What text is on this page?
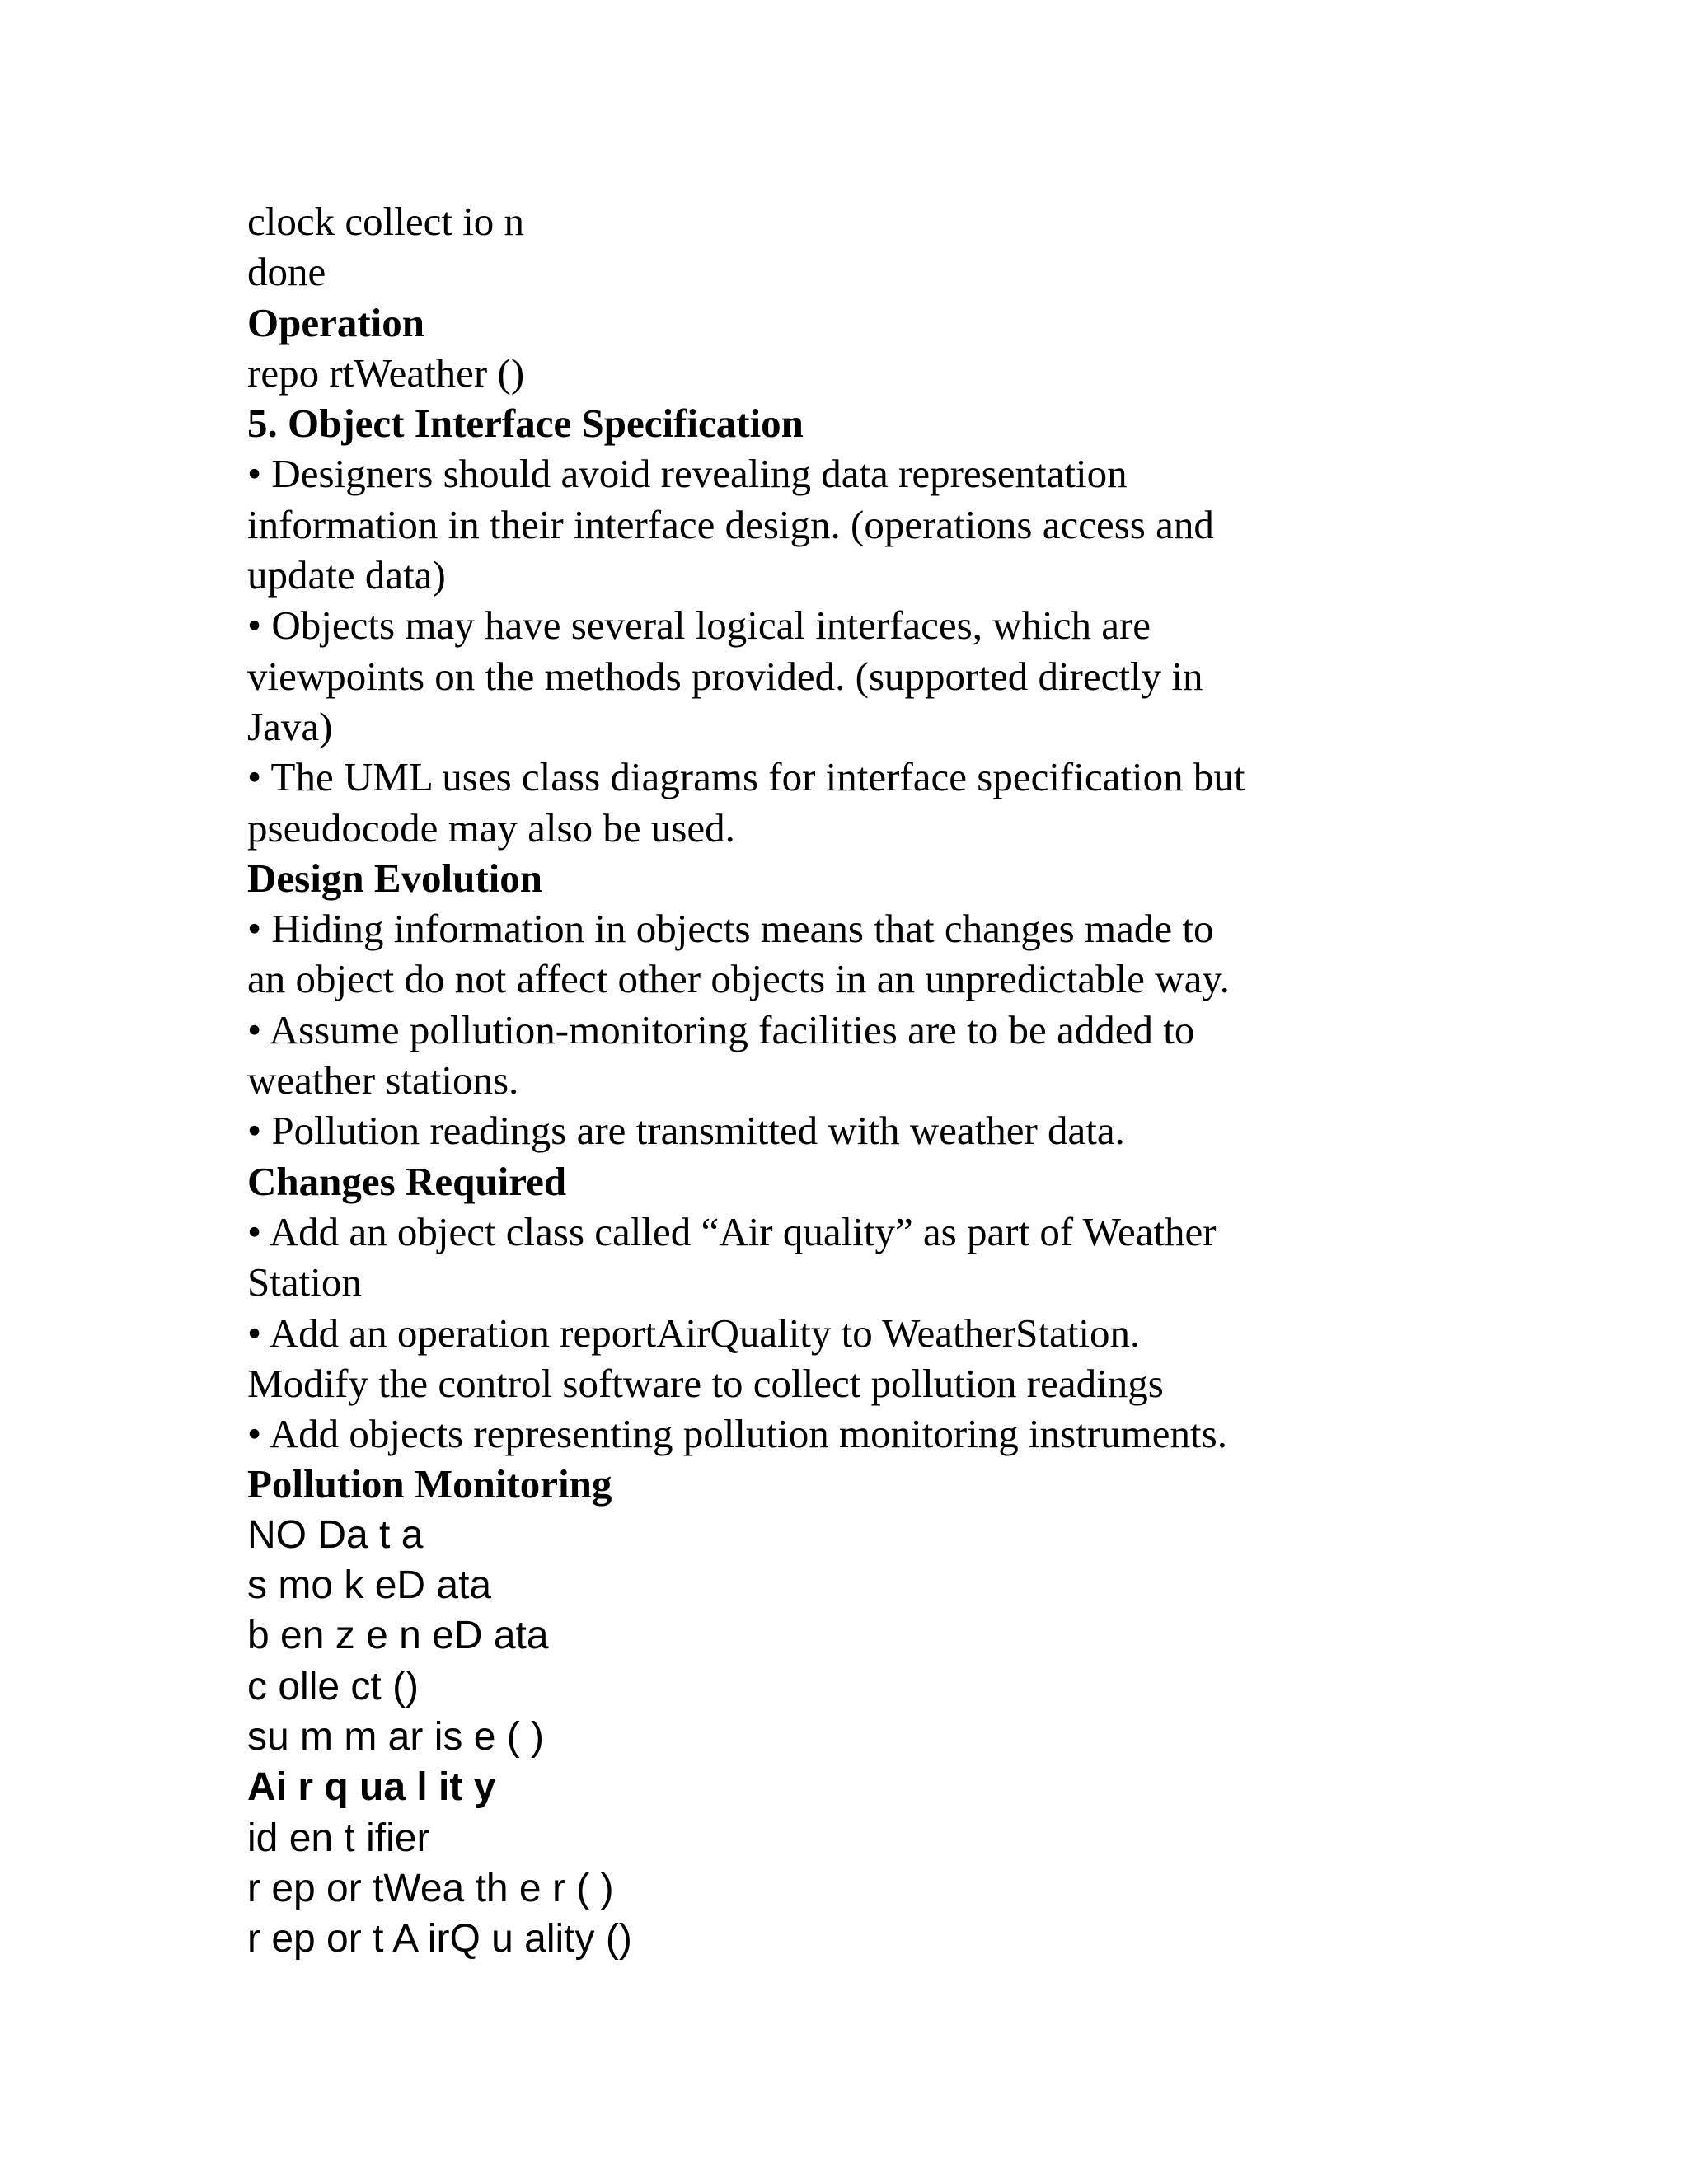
clock collect io n
done
Operation
repo rtWeather ()
5. Object Interface Specification
• Designers should avoid revealing data representation
information in their interface design. (operations access and
update data)
• Objects may have several logical interfaces, which are
viewpoints on the methods provided. (supported directly in
Java)
• The UML uses class diagrams for interface specification but
pseudocode may also be used.
Design Evolution
• Hiding information in objects means that changes made to
an object do not affect other objects in an unpredictable way.
• Assume pollution-monitoring facilities are to be added to
weather stations.
• Pollution readings are transmitted with weather data.
Changes Required
• Add an object class called “Air quality” as part of Weather
Station
• Add an operation reportAirQuality to WeatherStation.
Modify the control software to collect pollution readings
• Add objects representing pollution monitoring instruments.
Pollution Monitoring
NO Da t a
s mo k eD ata
b en z e n eD ata
c olle ct ()
su m m ar is e ( )
Ai r q ua l it y
id en t ifier
r ep or tWea th e r ( )
r ep or t A irQ u ality ()
